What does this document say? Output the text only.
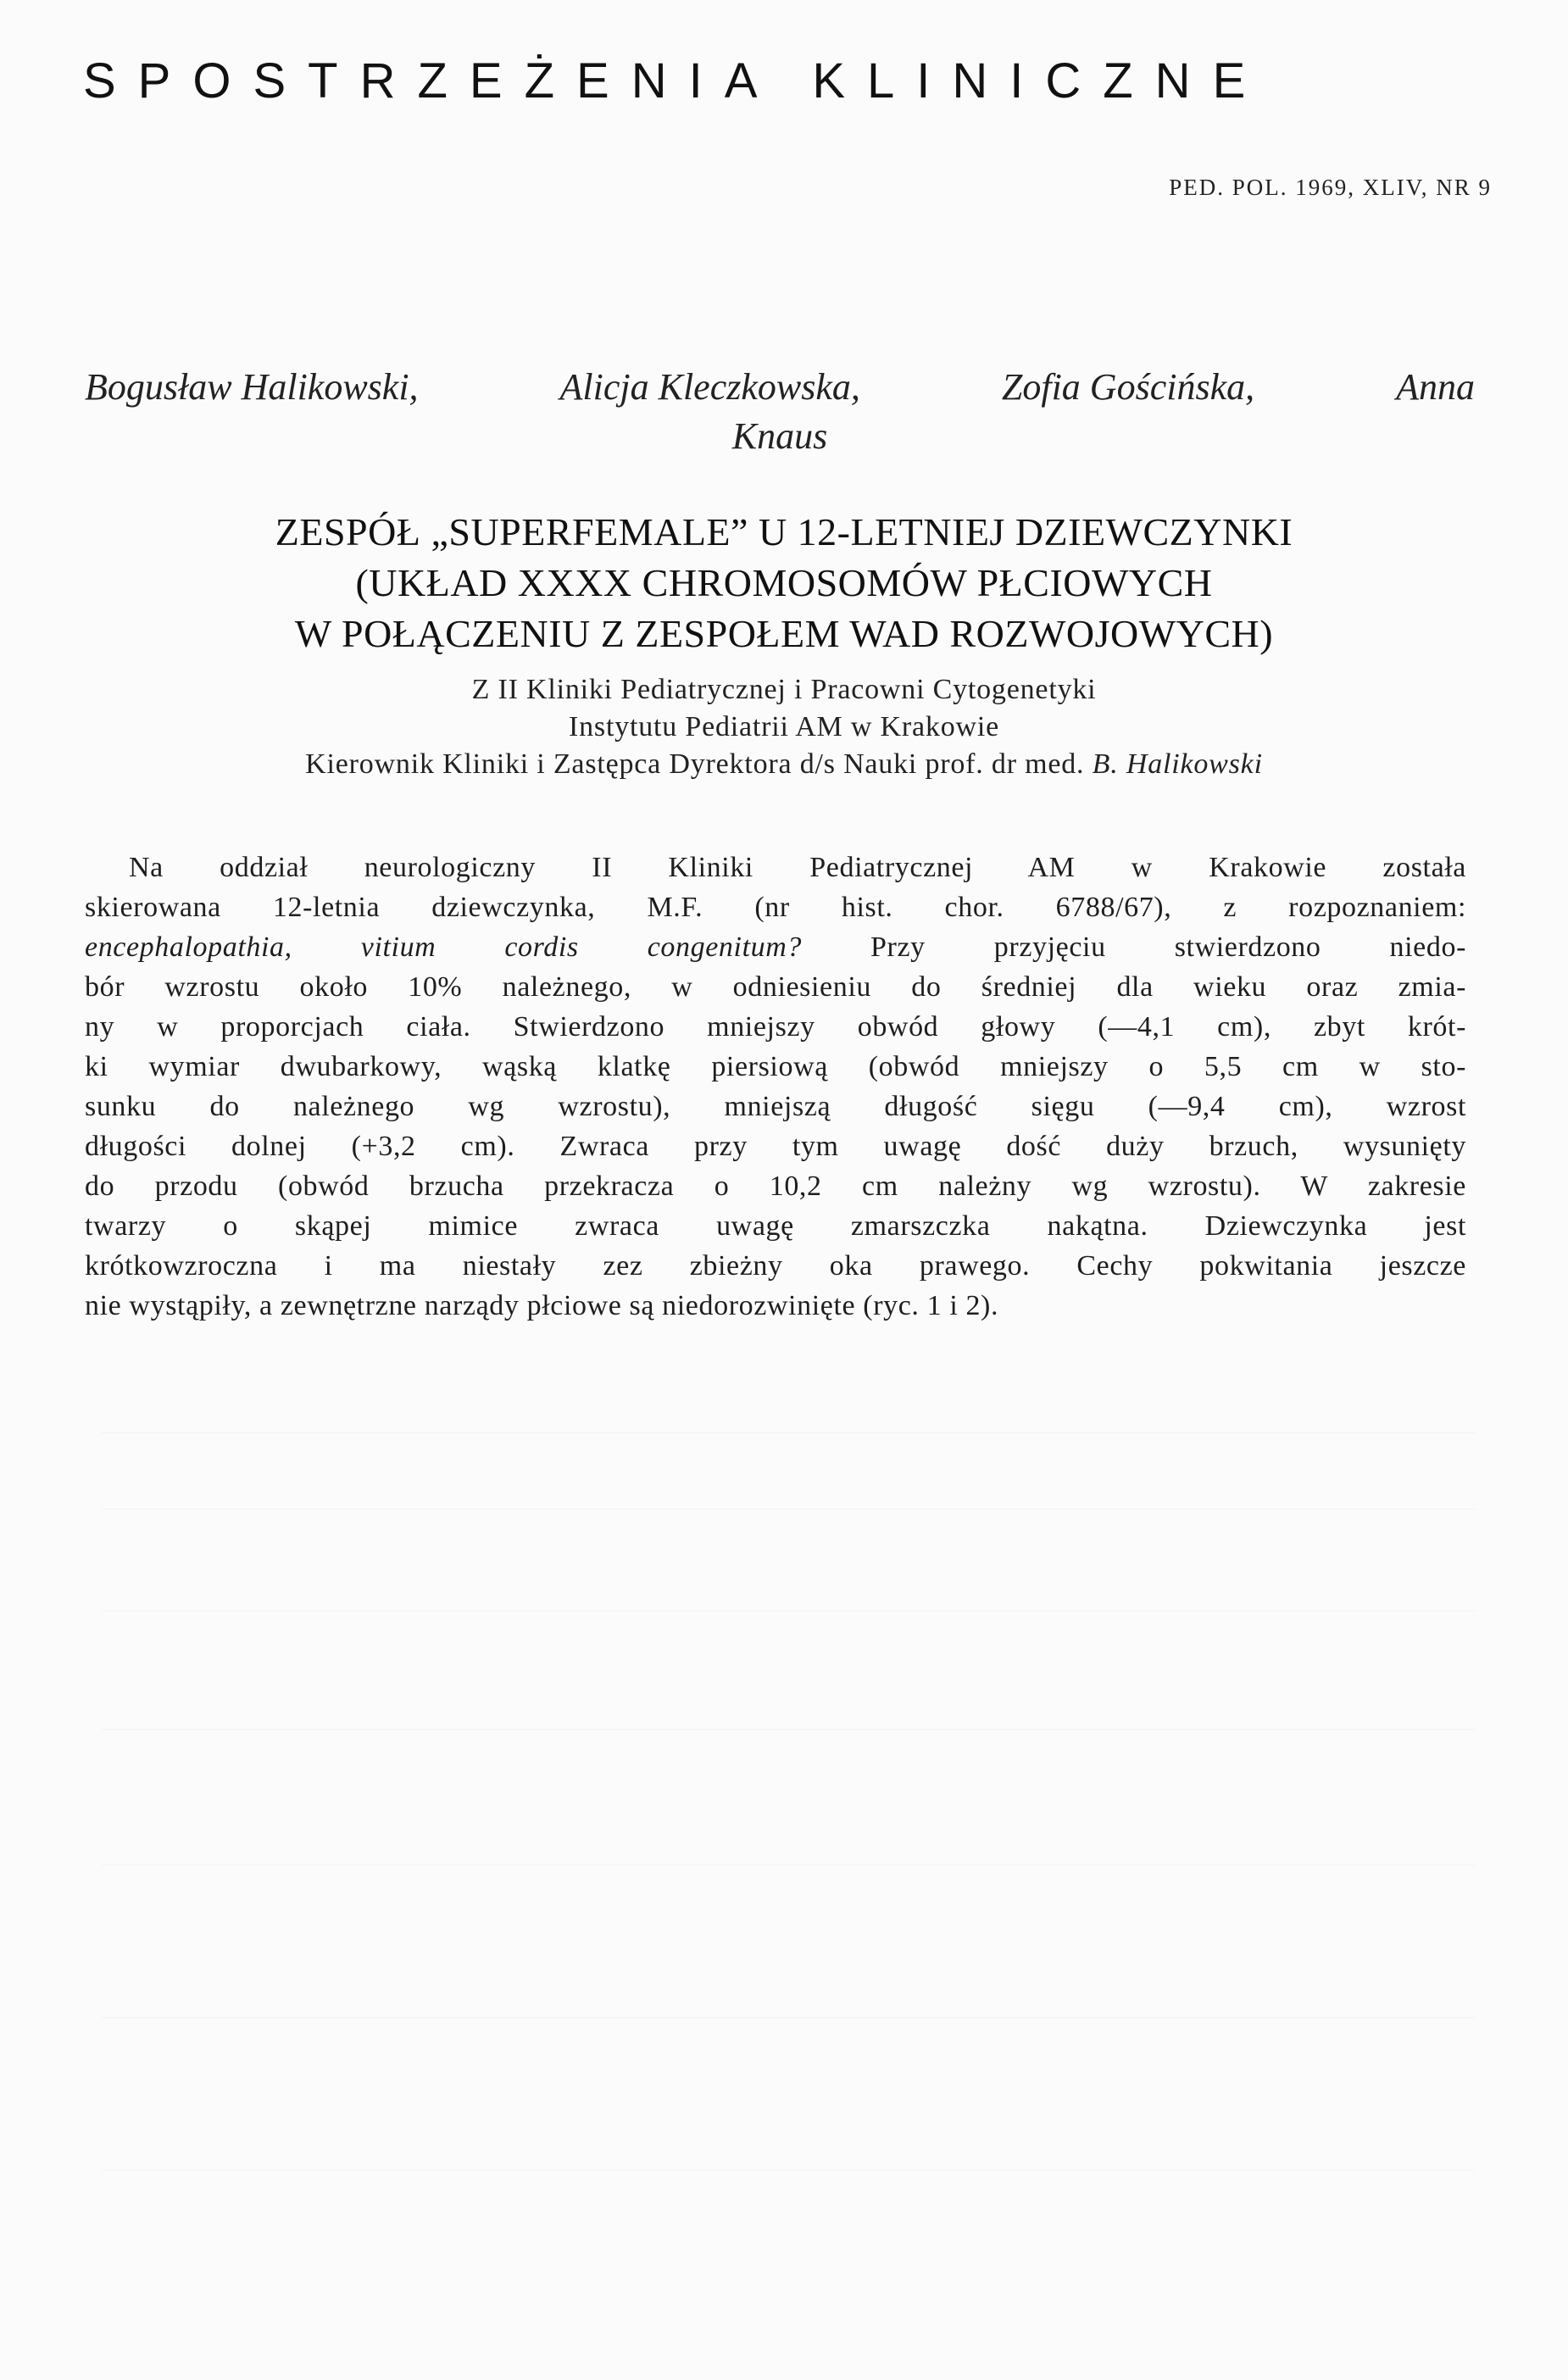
SPOSTRZEŻENIA KLINICZNE
PED. POL. 1969, XLIV, NR 9
Bogusław Halikowski,	Alicja Kleczkowska,	Zofia Gościńska,	Anna
Knaus
ZESPÓŁ „SUPERFEMALE” U 12-LETNIEJ DZIEWCZYNKI
(UKŁAD XXXX CHROMOSOMÓW PŁCIOWYCH
W POŁĄCZENIU Z ZESPOŁEM WAD ROZWOJOWYCH)
Z II Kliniki Pediatrycznej i Pracowni Cytogenetyki
Instytutu Pediatrii AM w Krakowie
Kierownik Kliniki i Zastępca Dyrektora d/s Nauki prof. dr med. B. Halikowski
Na oddział neurologiczny II Kliniki Pediatrycznej AM w Krakowie została
skierowana 12-letnia dziewczynka, M.F. (nr hist. chor. 6788/67), z rozpoznaniem:
encephalopathia, vitium cordis congenitum? Przy przyjęciu stwierdzono niedo-
bór wzrostu około 10% należnego, w odniesieniu do średniej dla wieku oraz zmia-
ny w proporcjach ciała. Stwierdzono mniejszy obwód głowy (—4,1 cm), zbyt krót-
ki wymiar dwubarkowy, wąską klatkę piersiową (obwód mniejszy o 5,5 cm w sto-
sunku do należnego wg wzrostu), mniejszą długość sięgu (—9,4 cm), wzrost
długości dolnej (+3,2 cm). Zwraca przy tym uwagę dość duży brzuch, wysunięty
do przodu (obwód brzucha przekracza o 10,2 cm należny wg wzrostu). W zakresie
twarzy o skąpej mimice zwraca uwagę zmarszczka nakątna. Dziewczynka jest
krótkowzroczna i ma niestały zez zbieżny oka prawego. Cechy pokwitania jeszcze
nie wystąpiły, a zewnętrzne narządy płciowe są niedorozwinięte (ryc. 1 i 2).
